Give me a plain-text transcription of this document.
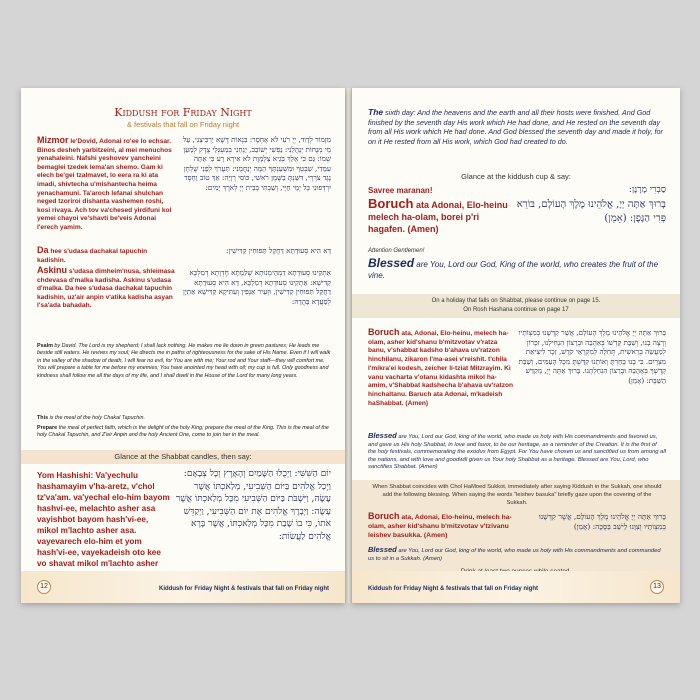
Kiddush for Friday Night
& festivals that fall on Friday night
Mizmor le'Dovid, Adonai ro'ee lo echsar. Binos desheh yarbitzeini, al mei menuchos yenahaleini. Nafshi yeshovev yancheini bemaglei tzedek lema'an shemo. Gam ki elech be'gei tzalmavet, lo eera ra ki ata imadi, shivtecha u'mishantecha heima yenachamuni. Ta'aroch lefanai shulchan neged tzoriroi dishanta vashemen roshi, kosi rivaya. Ach tov va'chesed yirdifuni kol yemei chayoi ve'shavti be'veis Adonai l'erech yamim.
מִזְמוֹר לְדָוִד, יְיָ רֹעִי לֹא אֶחְסָר: בִּנְאוֹת דֶּשֶׁא יַרְבִּיצֵנִי, עַל מֵי מְנֻחוֹת יְנַהֲלֵנִי: נַפְשִׁי יְשׁוֹבֵב, יַנְחֵנִי בְמַעְגְּלֵי צֶדֶק לְמַעַן שְׁמוֹ: גַּם כִּי אֵלֵךְ בְּגֵיא צַלְמָוֶת לֹא אִירָא רָע כִּי אַתָּה עִמָּדִי, שִׁבְטְךָ וּמִשְׁעַנְתֶּךָ הֵמָּה יְנַחֲמֻנִי: תַּעֲרֹךְ לְפָנַי שֻׁלְחָן נֶגֶד צֹרְרָי, דִּשַּׁנְתָּ בַשֶּׁמֶן רֹאשִׁי, כּוֹסִי רְוָיָה: אַךְ טוֹב וָחֶסֶד יִרְדְּפוּנִי כָּל יְמֵי חַיָּי, וְשַׁבְתִּי בְּבֵית יְיָ לְאֹרֶךְ יָמִים:
Da hee s'udasa dachakal tapuchin kadishin.
דָּא הִיא סְעוּדָתָא דַּחֲקַל תַּפּוּחִין קַדִּישִׁין:
Askinu s'udasa dimheim'nusa, shleimasa chdevasa d'malka kadisha. Askinu s'udasa d'malka. Da hee s'udasa dachakal tapuchin kadishin, uz'air anpin v'atika kadisha asyan l'sa'ada bahadah.
אַתְקִינוּ סְעוּדָתָא דִמְהֵימְנוּתָא שְׁלֵמָתָא חֶדְוָתָא דְמַלְכָּא קַדִּישָׁא: אַתְקִינוּ סְעוּדָתָא דְמַלְכָּא, דָּא הִיא סְעוּדָתָא דַחֲקַל תַּפּוּחִין קַדִּישִׁין, וּזְעֵיר אַנְפִּין וְעַתִּיקָא קַדִּישָׁא אַתְיָן לְסַעֲדָא בַּהֲדָהּ:
Psalm by David. The Lord is my shepherd; I shall lack nothing. He makes me lie down in green pastures; He leads me beside still waters. He revives my soul; He directs me in paths of righteousness for the sake of His Name. Even if I will walk in the valley of the shadow of death, I will fear no evil, for You are with me; Your rod and Your staff—they will comfort me. You will prepare a table for me before my enemies; You have anointed my head with oil; my cup is full. Only goodness and kindness shall follow me all the days of my life, and I shall dwell in the House of the Lord for many long years.
This is the meal of the holy Chakal Tapuchin.
Prepare the meal of perfect faith, which is the delight of the holy King; prepare the meal of the King. This is the meal of the holy Chakal Tapuchin, and Z'eir Anpin and the holy Ancient One, come to join her in the meal.
Glance at the Shabbat candles, then say:
Yom Hashishi: Va'yechulu hashamayim v'ha-aretz, v'chol tz'va'am. va'yechal elo-him bayom hashvi-ee, melachto asher asa vayishbot bayom hash'vi-ee, mikol m'lachto asher asa. vayevarech elo-him et yom hash'vi-ee, vayekadeish oto kee vo shavat mikol m'lachto asher
יוֹם הַשִּׁשִּׁי: וַיְכֻלּוּ הַשָּׁמַיִם וְהָאָרֶץ וְכָל צְבָאָם: וַיְכַל אֱלֹהִים בַּיּוֹם הַשְּׁבִיעִי, מְלַאכְתּוֹ אֲשֶׁר עָשָׂה, וַיִּשְׁבֹּת בַּיּוֹם הַשְּׁבִיעִי מִכָּל מְלַאכְתּוֹ אֲשֶׁר עָשָׂה: וַיְבָרֶךְ אֱלֹהִים אֶת יוֹם הַשְּׁבִיעִי, וַיְקַדֵּשׁ אֹתוֹ, כִּי בוֹ שָׁבַת מִכָּל מְלַאכְתּוֹ, אֲשֶׁר בָּרָא אֱלֹהִים לַעֲשׂוֹת:
12	Kiddush for Friday Night & festivals that fall on Friday night
The sixth day: And the heavens and the earth and all their hosts were finished. And God finished by the seventh day His work which He had done, and He rested on the seventh day from all His work which He had done. And God blessed the seventh day and made it holy, for on it He rested from all His work, which God had created to do.
Glance at the kiddush cup & say:
Savree maranan!	סַבְרִי מָרָנָן:
Boruch ata Adonai, Elo-heinu melech ha-olam, borei p'ri hagafen. (Amen)
בָּרוּךְ אַתָּה יְיָ, אֱלֹהֵינוּ מֶלֶךְ הָעוֹלָם, בּוֹרֵא פְּרִי הַגָּפֶן: (אָמֵן)
Attention Gentlemen!
Blessed are You, Lord our God, King of the world, who creates the fruit of the vine.
On a holiday that falls on Shabbat, please continue on page 15.
On Rosh Hashana continue on page 17
Boruch ata, Adonai, Elo-heinu, melech ha-olam, asher kid'shanu b'mitzvotav v'ratza banu, v'shabbat kadsho b'ahava uv'ratzon hinchilanu, zikaron l'ma-asei v'reishit. t'chila l'mikra'ei kodesh, zeicher li-tziat Mitzrayim. Ki vanu vacharta v'otanu kidashta mikol ha-amim, v'Shabbat kadshecha b'ahava uv'ratzon hinchaltanu. Baruch ata Adonai, m'kadeish haShabbat. (Amen)
בָּרוּךְ אַתָּה יְיָ אֱלֹהֵינוּ מֶלֶךְ הָעוֹלָם, אֲשֶׁר קִדְּשָׁנוּ בְּמִצְוֹתָיו וְרָצָה בָנוּ, וְשַׁבַּת קָדְשׁוֹ בְּאַהֲבָה וּבְרָצוֹן הִנְחִילָנוּ, זִכָּרוֹן לְמַעֲשֵׂה בְרֵאשִׁית, תְּחִלָּה לְמִקְרָאֵי קֹדֶשׁ, זֵכֶר לִיצִיאַת מִצְרָיִם. כִּי בָנוּ בָחַרְתָּ וְאוֹתָנוּ קִדַּשְׁתָּ מִכָּל הָעַמִּים, וְשַׁבַּת קָדְשְׁךָ בְּאַהֲבָה וּבְרָצוֹן הִנְחַלְתָּנוּ. בָּרוּךְ אַתָּה יְיָ, מְקַדֵּשׁ הַשַּׁבָּת: (אָמֵן)
Blessed are You, Lord our God, king of the world, who made us holy with His commandments and favored us, and gave us His holy Shabbat, in love and favor, to be our heritage, as a reminder of the Creation. It is the first of the holy festivals, commemorating the exodus from Egypt. For You have chosen us and sanctified us from among all the nations, and with love and goodwill given us Your holy Shabbat as a heritage. Blessed are You, Lord, who sanctifies Shabbat. (Amen)
When Shabbat coincides with Chol HaMoed Sukkot, immediately after saying Kiddush in the Sukkah, one should add the following blessing. When saying the words "leishev basuka" briefly gaze upon the covering of the Sukkah.
Boruch ata, Adonai, Elo-heinu, melech ha-olam, asher kid'shanu b'mitzvotav v'tzivanu leishev basukka. (Amen)
בָּרוּךְ אַתָּה יְיָ אֱלֹהֵינוּ מֶלֶךְ הָעוֹלָם, אֲשֶׁר קִדְּשָׁנוּ בְּמִצְוֹתָיו וְצִוָּנוּ לֵישֵׁב בַּסֻּכָּה: (אָמֵן)
Blessed are You, Lord our God, king of the world, who made us holy with His commandments and commanded us to sit in a Sukkah. (Amen)
Kiddush for Friday Night & festivals that fall on Friday night	13
